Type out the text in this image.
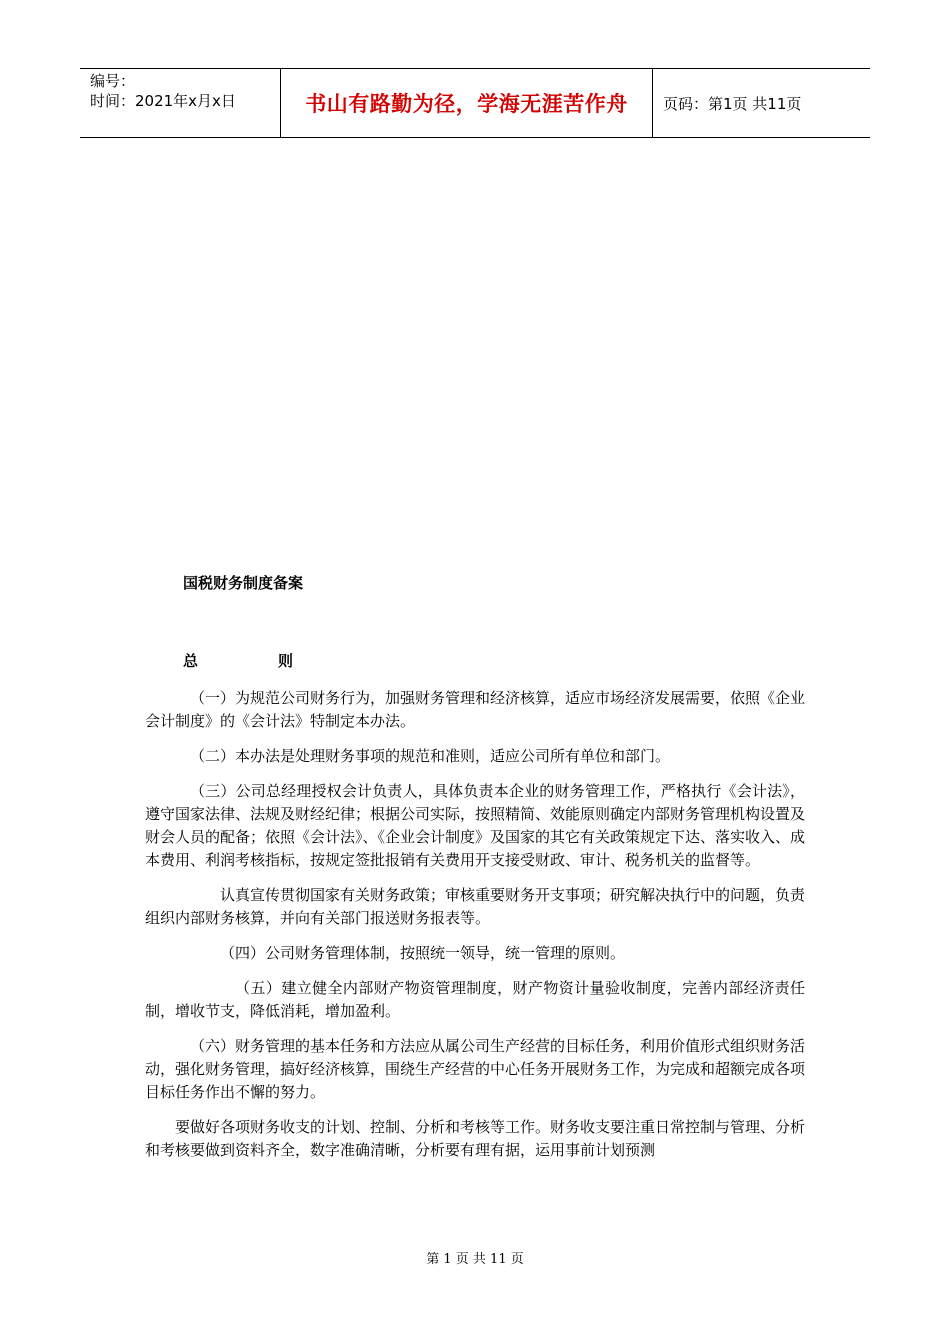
编号：
时间：2021年x月x日	书山有路勤为径，学海无涯苦作舟	页码：第1页 共11页
国税财务制度备案
总	则

（一）为规范公司财务行为，加强财务管理和经济核算，适应市场经济发展需要，依照《企业会计制度》的《会计法》特制定本办法。

（二）本办法是处理财务事项的规范和准则，适应公司所有单位和部门。

（三）公司总经理授权会计负责人，具体负责本企业的财务管理工作，严格执行《会计法》，遵守国家法律、法规及财经纪律；根据公司实际，按照精简、效能原则确定内部财务管理机构设置及财会人员的配备；依照《会计法》、《企业会计制度》及国家的其它有关政策规定下达、落实收入、成本费用、利润考核指标，按规定签批报销有关费用开支接受财政、审计、税务机关的监督等。

认真宣传贯彻国家有关财务政策；审核重要财务开支事项；研究解决执行中的问题，负责组织内部财务核算，并向有关部门报送财务报表等。

（四）公司财务管理体制，按照统一领导，统一管理的原则。

（五）建立健全内部财产物资管理制度，财产物资计量验收制度，完善内部经济责任制，增收节支，降低消耗，增加盈利。

（六）财务管理的基本任务和方法应从属公司生产经营的目标任务，利用价值形式组织财务活动，强化财务管理，搞好经济核算，围绕生产经营的中心任务开展财务工作，为完成和超额完成各项目标任务作出不懈的努力。

要做好各项财务收支的计划、控制、分析和考核等工作。财务收支要注重日常控制与管理、分析和考核要做到资料齐全，数字准确清晰，分析要有理有据，运用事前计划预测

第 1 页 共 11 页
